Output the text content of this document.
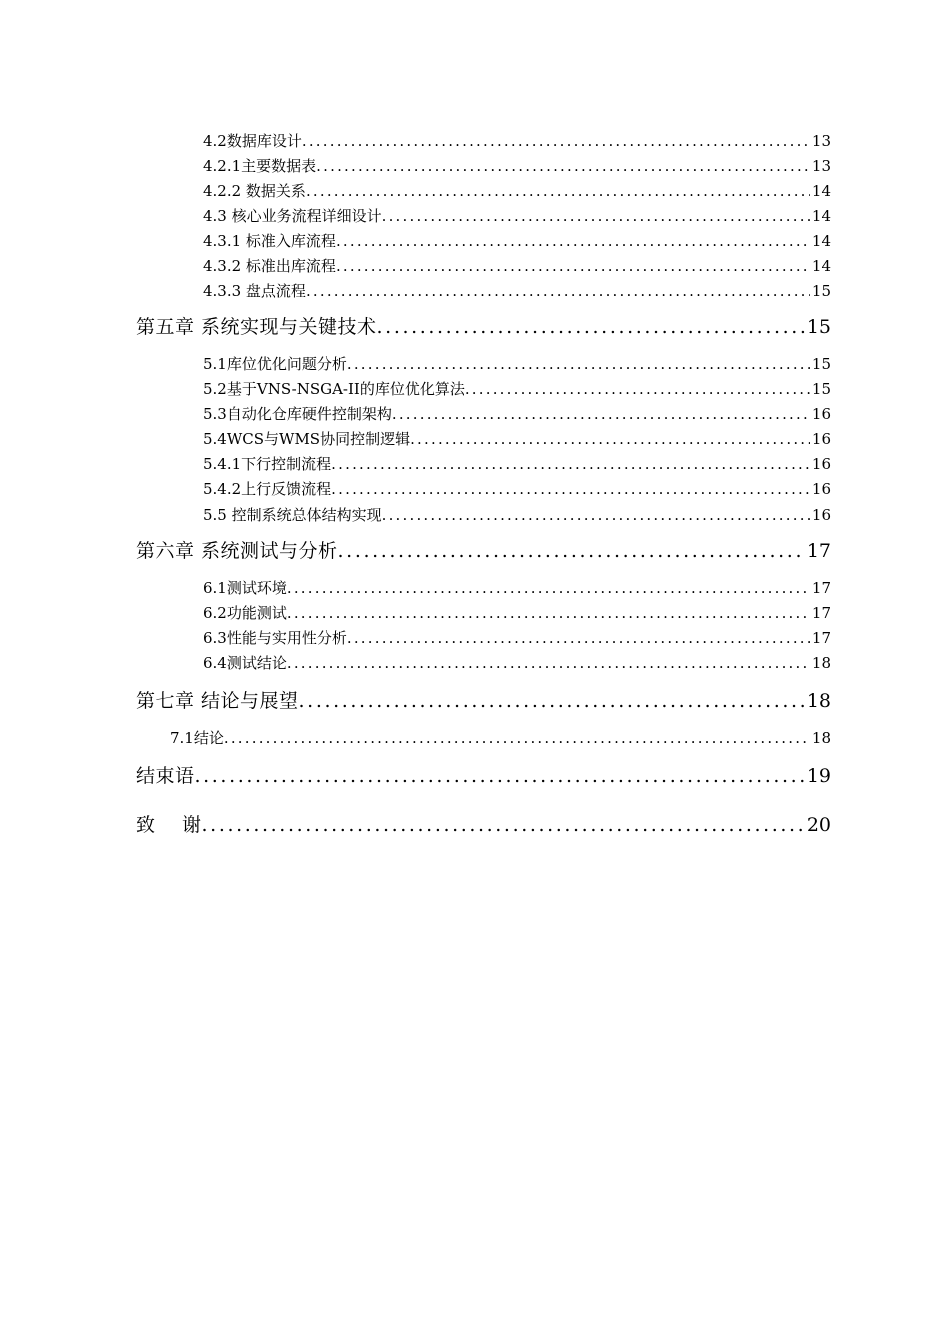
4.2数据库设计 .....	13
4.2.1主要数据表 .....	13
4.2.2 数据关系 .....	14
4.3 核心业务流程详细设计 .....	14
4.3.1 标准入库流程 .....	14
4.3.2 标准出库流程 .....	14
4.3.3 盘点流程 .....	15
第五章 系统实现与关键技术 .....	15
5.1库位优化问题分析 .....	15
5.2基于VNS-NSGA-II的库位优化算法 .....	15
5.3自动化仓库硬件控制架构 .....	16
5.4WCS与WMS协同控制逻辑 .....	16
5.4.1下行控制流程 .....	16
5.4.2上行反馈流程 .....	16
5.5 控制系统总体结构实现 .....	16
第六章 系统测试与分析 .....	17
6.1测试环境 .....	17
6.2功能测试 .....	17
6.3性能与实用性分析 .....	17
6.4测试结论 .....	18
第七章 结论与展望 .....	18
7.1结论 .....	18
结束语 .....	19
致 谢 .....	20
